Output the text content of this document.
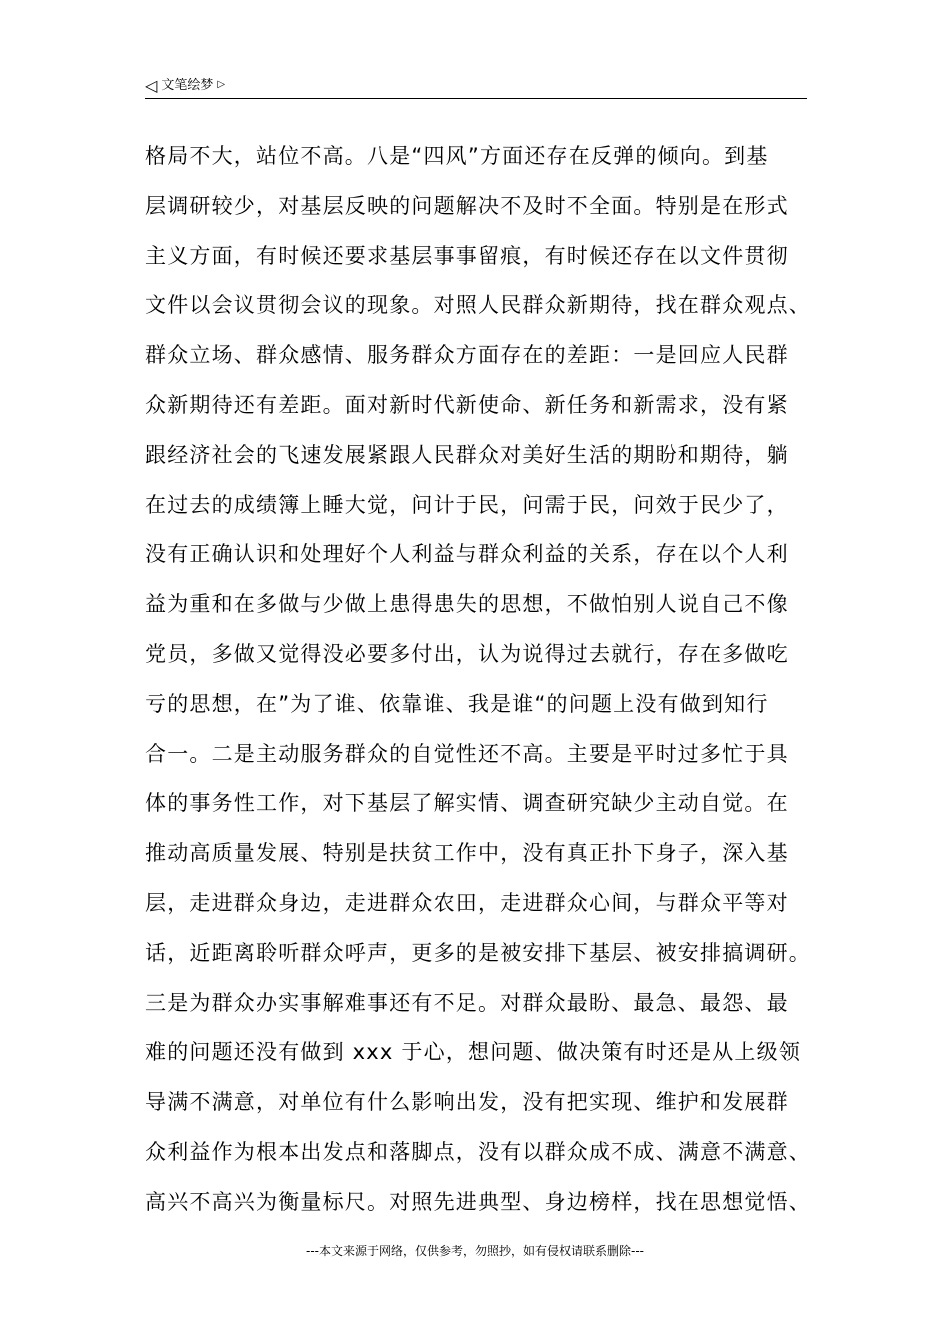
◁ 文笔绘梦 ▷
格局不大，站位不高。八是“四风”方面还存在反弹的倾向。到基
层调研较少，对基层反映的问题解决不及时不全面。特别是在形式
主义方面，有时候还要求基层事事留痕，有时候还存在以文件贯彻
文件以会议贯彻会议的现象。对照人民群众新期待，找在群众观点、
群众立场、群众感情、服务群众方面存在的差距：一是回应人民群
众新期待还有差距。面对新时代新使命、新任务和新需求，没有紧
跟经济社会的飞速发展紧跟人民群众对美好生活的期盼和期待，躺
在过去的成绩簿上睡大觉，问计于民，问需于民，问效于民少了，
没有正确认识和处理好个人利益与群众利益的关系，存在以个人利
益为重和在多做与少做上患得患失的思想，不做怕别人说自己不像
党员，多做又觉得没必要多付出，认为说得过去就行，存在多做吃
亏的思想，在”为了谁、依靠谁、我是谁“的问题上没有做到知行
合一。二是主动服务群众的自觉性还不高。主要是平时过多忙于具
体的事务性工作，对下基层了解实情、调查研究缺少主动自觉。在
推动高质量发展、特别是扶贫工作中，没有真正扑下身子，深入基
层，走进群众身边，走进群众农田，走进群众心间，与群众平等对
话，近距离聆听群众呼声，更多的是被安排下基层、被安排搞调研。
三是为群众办实事解难事还有不足。对群众最盼、最急、最怨、最
难的问题还没有做到 xxx 于心，想问题、做决策有时还是从上级领
导满不满意，对单位有什么影响出发，没有把实现、维护和发展群
众利益作为根本出发点和落脚点，没有以群众成不成、满意不满意、
高兴不高兴为衡量标尺。对照先进典型、身边榜样，找在思想觉悟、
---本文来源于网络，仅供参考，勿照抄，如有侵权请联系删除---
